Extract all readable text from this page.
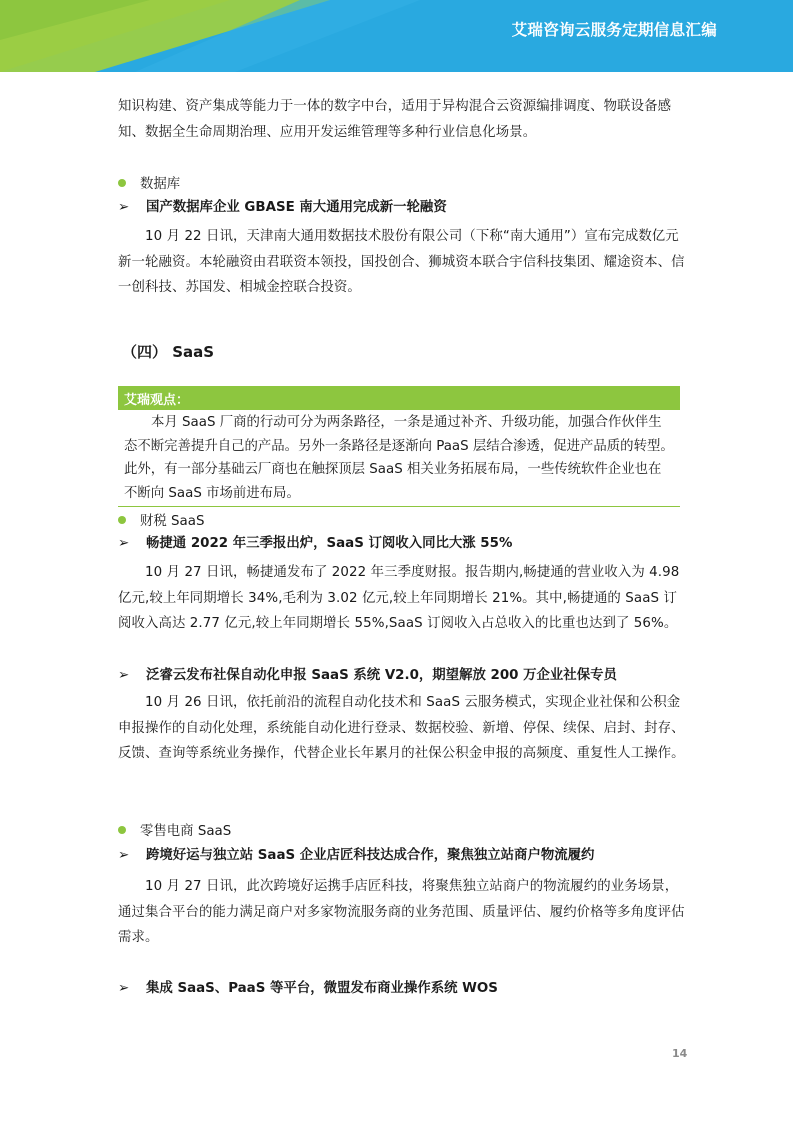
艾瑞咨询云服务定期信息汇编

知识构建、资产集成等能力于一体的数字中台，适用于异构混合云资源编排调度、物联设备感知、数据全生命周期治理、应用开发运维管理等多种行业信息化场景。

数据库
➢ 国产数据库企业 GBASE 南大通用完成新一轮融资

10 月 22 日讯，天津南大通用数据技术股份有限公司（下称“南大通用”）宣布完成数亿元新一轮融资。本轮融资由君联资本领投，国投创合、狮城资本联合宇信科技集团、耀途资本、信一创科技、苏国发、相城金控联合投资。

（四） SaaS
艾瑞观点：

本月 SaaS 厂商的行动可分为两条路径，一条是通过补齐、升级功能，加强合作伙伴生态不断完善提升自己的产品。另外一条路径是逐渐向 PaaS 层结合渗透，促进产品质的转型。此外，有一部分基础云厂商也在触探顶层 SaaS 相关业务拓展布局，一些传统软件企业也在不断向 SaaS 市场前进布局。

财税 SaaS
➢ 畅捷通 2022 年三季报出炉，SaaS 订阅收入同比大涨 55%

10 月 27 日讯，畅捷通发布了 2022 年三季度财报。报告期内,畅捷通的营业收入为 4.98 亿元,较上年同期增长 34%,毛利为 3.02 亿元,较上年同期增长 21%。其中,畅捷通的 SaaS 订阅收入高达 2.77 亿元,较上年同期增长 55%,SaaS 订阅收入占总收入的比重也达到了 56%。

➢ 泛睿云发布社保自动化申报 SaaS 系统 V2.0，期望解放 200 万企业社保专员

10 月 26 日讯，依托前沿的流程自动化技术和 SaaS 云服务模式，实现企业社保和公积金申报操作的自动化处理，系统能自动化进行登录、数据校验、新增、停保、续保、启封、封存、反馈、查询等系统业务操作，代替企业长年累月的社保公积金申报的高频度、重复性人工操作。

零售电商 SaaS
➢ 跨境好运与独立站 SaaS 企业店匠科技达成合作，聚焦独立站商户物流履约

10 月 27 日讯，此次跨境好运携手店匠科技，将聚焦独立站商户的物流履约的业务场景，通过集合平台的能力满足商户对多家物流服务商的业务范围、质量评估、履约价格等多角度评估需求。

➢ 集成 SaaS、PaaS 等平台，微盟发布商业操作系统 WOS
14
